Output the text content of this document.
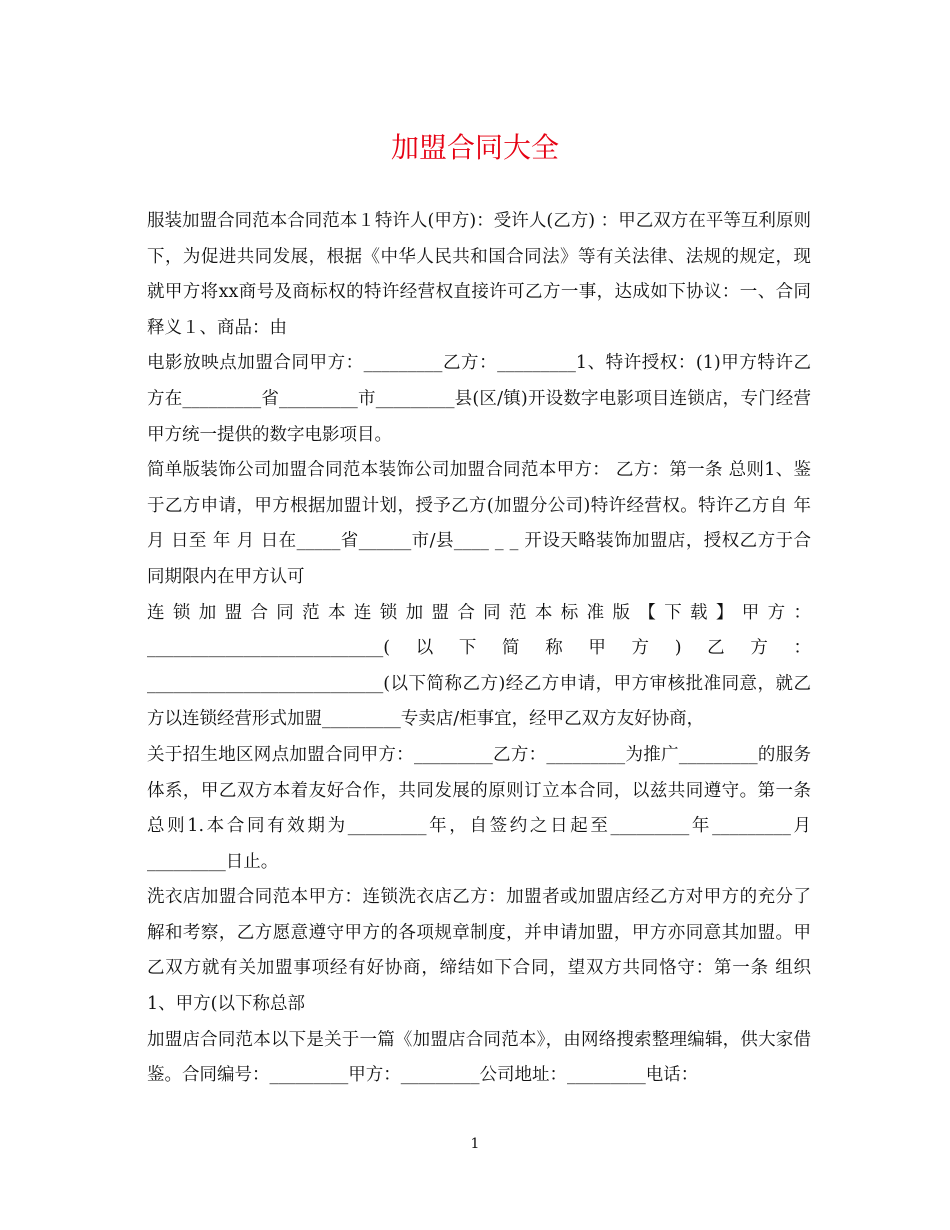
加盟合同大全

服装加盟合同范本合同范本１特许人(甲方)：受许人(乙方) ：甲乙双方在平等互利原则下，为促进共同发展，根据《中华人民共和国合同法》等有关法律、法规的规定，现就甲方将xx商号及商标权的特许经营权直接许可乙方一事，达成如下协议：一、合同释义１、商品：由

电影放映点加盟合同甲方：_________乙方：_________1、特许授权：(1)甲方特许乙方在_________省_________市_________县(区/镇)开设数字电影项目连锁店，专门经营甲方统一提供的数字电影项目。

简单版装饰公司加盟合同范本装饰公司加盟合同范本甲方： 乙方：第一条 总则1、鉴于乙方申请，甲方根据加盟计划，授予乙方(加盟分公司)特许经营权。特许乙方自 年 月 日至 年 月 日在_____省______市/县____ _ _ 开设天略装饰加盟店，授权乙方于合同期限内在甲方认可

连锁加盟合同范本连锁加盟合同范本标准版【下载】甲方：___________________________(以下简称甲方)乙方：___________________________(以下简称乙方)经乙方申请，甲方审核批准同意，就乙方以连锁经营形式加盟_________专卖店/柜事宜，经甲乙双方友好协商，

关于招生地区网点加盟合同甲方：_________乙方：_________为推广_________的服务体系，甲乙双方本着友好合作，共同发展的原则订立本合同，以兹共同遵守。第一条总则1.本合同有效期为_________年，自签约之日起至_________年_________月_________日止。

洗衣店加盟合同范本甲方：连锁洗衣店乙方：加盟者或加盟店经乙方对甲方的充分了解和考察，乙方愿意遵守甲方的各项规章制度，并申请加盟，甲方亦同意其加盟。甲乙双方就有关加盟事项经有好协商，缔结如下合同，望双方共同恪守：第一条 组织1、甲方(以下称总部

加盟店合同范本以下是关于一篇《加盟店合同范本》，由网络搜索整理编辑，供大家借鉴。合同编号：_________甲方：_________公司地址：_________电话：

1
